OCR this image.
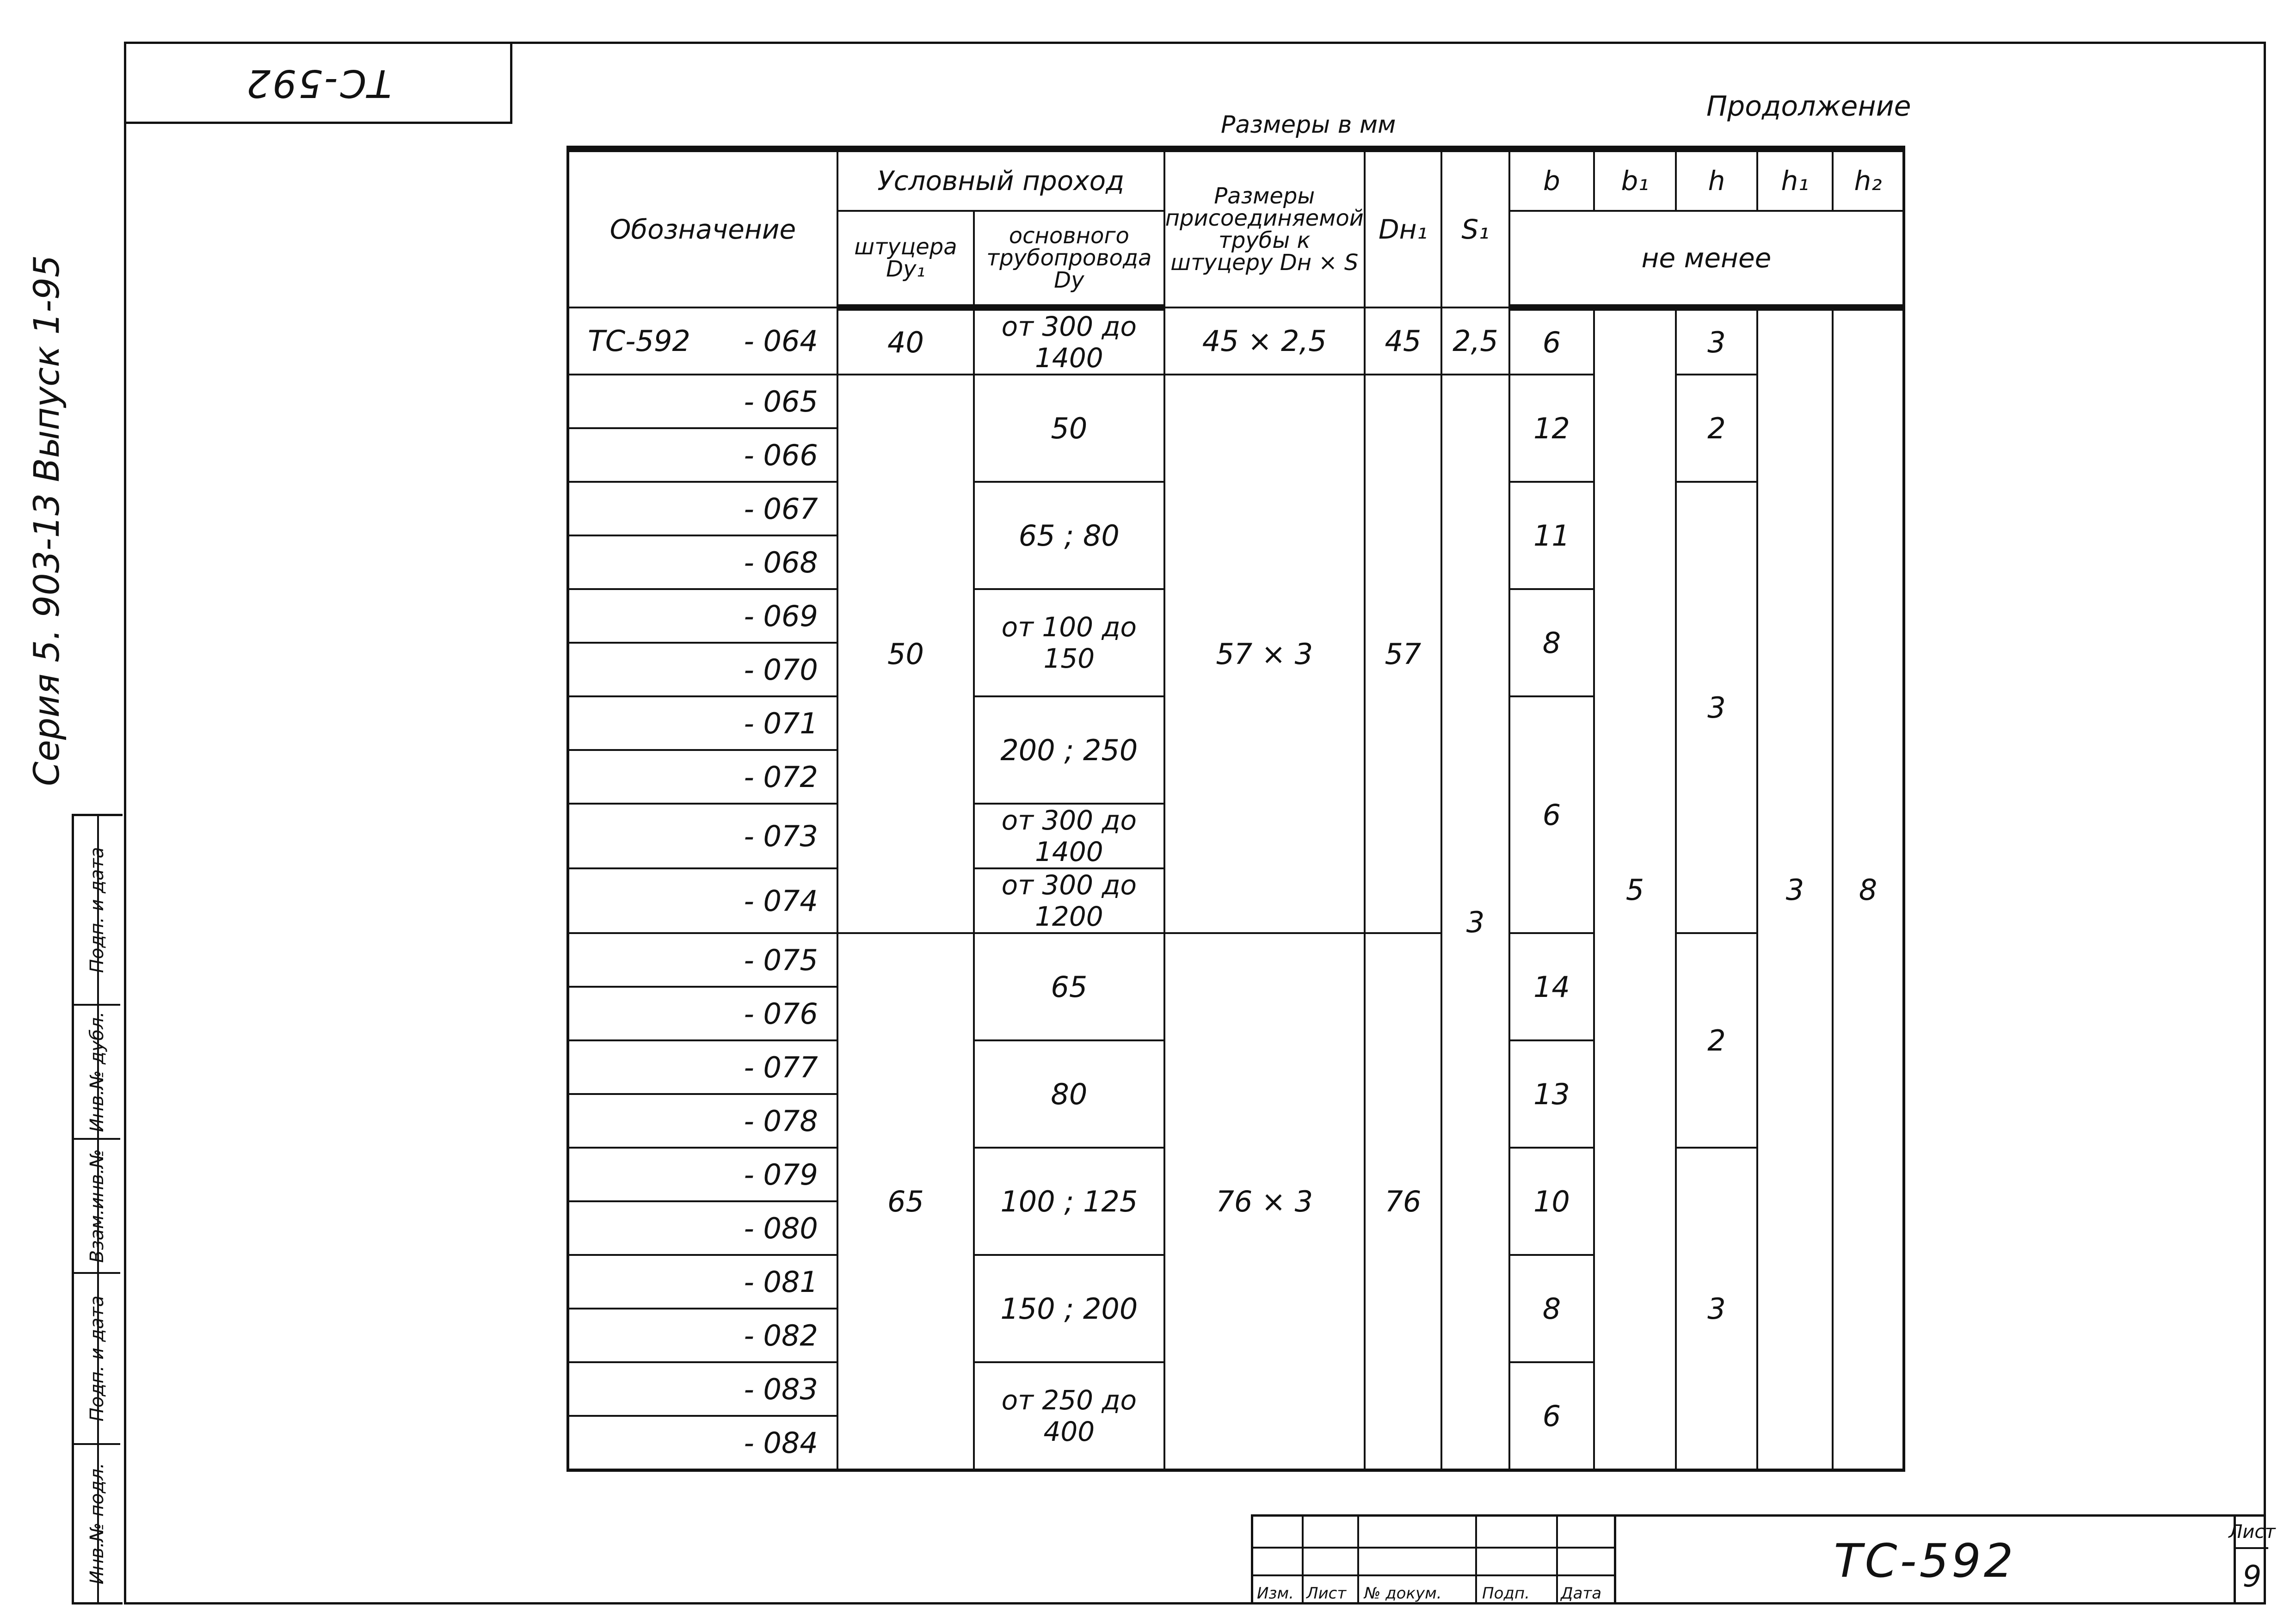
ТС-592
Серия 5. 903-13 Выпуск 1-95
Подп. и дата
Инв.№ дубл.
Взам.инв.№
Подп. и дата
Инв.№ подл.
Размеры в мм
Продолжение
Обозначение	Условный проход		Размеры присоединяемой трубы к штуцеру Dн × S	Dн₁	S₁	b	b₁	h	h₁	h₂
	штуцера Dу₁	основного трубопровода Dу				не менее				

ТС-592 - 064	40	от 300 до 1400	45 × 2,5	45	2,5	6	5	3	3	8
- 065	50	50	57 × 3	57	3	12		2		
- 066										
- 067		65 ; 80				11		3		
- 068										
- 069		от 100 до 150				8				
- 070										
- 071		200 ; 250				6				
- 072										
- 073		от 300 до 1400								
- 074		от 300 до 1200								
- 075	65	65	76 × 3	76		14		2		
- 076										
- 077		80				13				
- 078										
- 079		100 ; 125				10		3		
- 080										
- 081		150 ; 200				8				
- 082										
- 083		от 250 до 400				6				
- 084										
Изм. Лист № докум.	Подп. Дата
ТС-592
Лист
9
